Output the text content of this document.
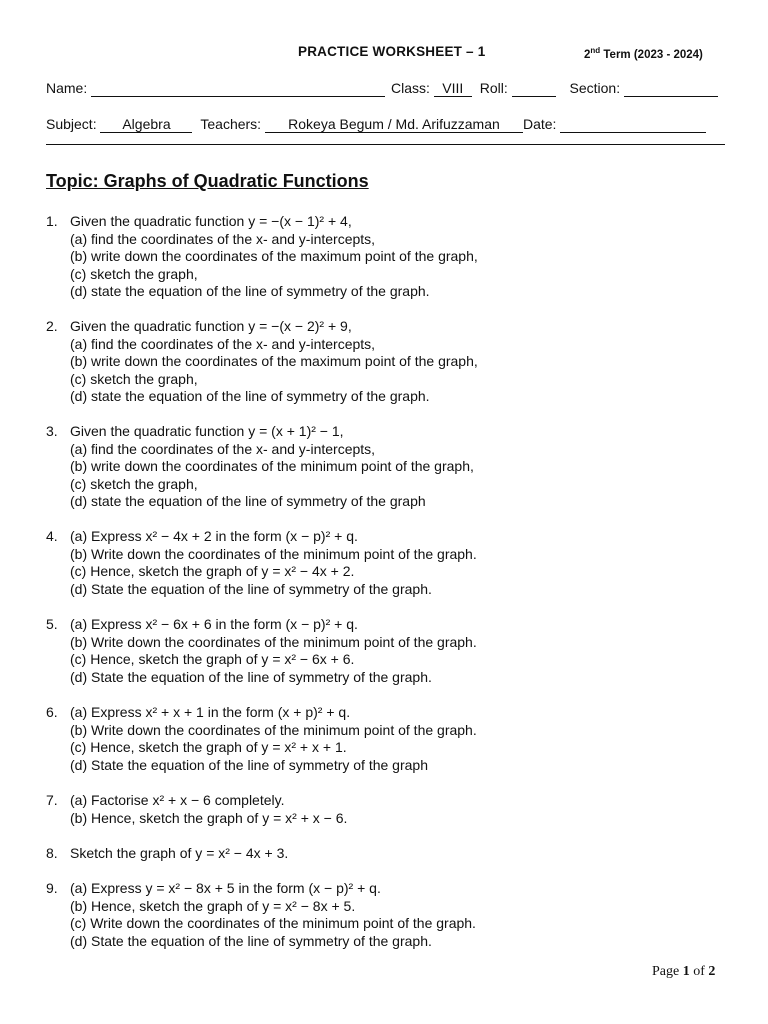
PRACTICE WORKSHEET – 1	2nd Term (2023 - 2024)
Name:	Class: VIII Roll:	Section:
Subject: Algebra Teachers: Rokeya Begum / Md. Arifuzzaman Date:
Topic: Graphs of Quadratic Functions
1. Given the quadratic function y = −(x − 1)² + 4,
(a) find the coordinates of the x- and y-intercepts,
(b) write down the coordinates of the maximum point of the graph,
(c) sketch the graph,
(d) state the equation of the line of symmetry of the graph.
2. Given the quadratic function y = −(x − 2)² + 9,
(a) find the coordinates of the x- and y-intercepts,
(b) write down the coordinates of the maximum point of the graph,
(c) sketch the graph,
(d) state the equation of the line of symmetry of the graph.
3. Given the quadratic function y = (x + 1)² − 1,
(a) find the coordinates of the x- and y-intercepts,
(b) write down the coordinates of the minimum point of the graph,
(c) sketch the graph,
(d) state the equation of the line of symmetry of the graph
4. (a) Express x² − 4x + 2 in the form (x − p)² + q.
(b) Write down the coordinates of the minimum point of the graph.
(c) Hence, sketch the graph of y = x² − 4x + 2.
(d) State the equation of the line of symmetry of the graph.
5. (a) Express x² − 6x + 6 in the form (x − p)² + q.
(b) Write down the coordinates of the minimum point of the graph.
(c) Hence, sketch the graph of y = x² − 6x + 6.
(d) State the equation of the line of symmetry of the graph.
6. (a) Express x² + x + 1 in the form (x + p)² + q.
(b) Write down the coordinates of the minimum point of the graph.
(c) Hence, sketch the graph of y = x² + x + 1.
(d) State the equation of the line of symmetry of the graph
7. (a) Factorise x² + x − 6 completely.
(b) Hence, sketch the graph of y = x² + x − 6.
8. Sketch the graph of y = x² − 4x + 3.
9. (a) Express y = x² − 8x + 5 in the form (x − p)² + q.
(b) Hence, sketch the graph of y = x² − 8x + 5.
(c) Write down the coordinates of the minimum point of the graph.
(d) State the equation of the line of symmetry of the graph.
Page 1 of 2
